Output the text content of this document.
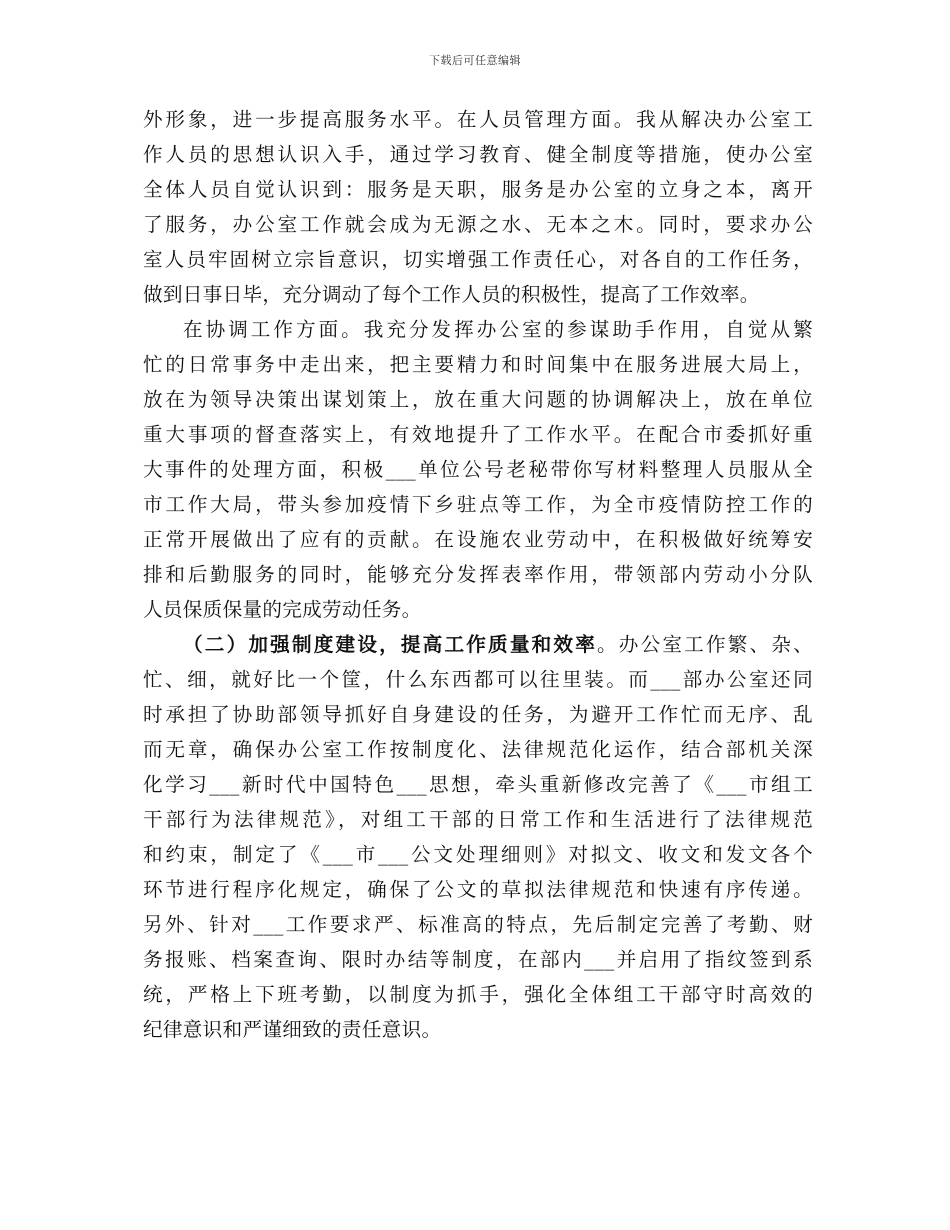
下载后可任意编辑
外形象，进一步提高服务水平。在人员管理方面。我从解决办公室工
作人员的思想认识入手，通过学习教育、健全制度等措施，使办公室
全体人员自觉认识到：服务是天职，服务是办公室的立身之本，离开
了服务，办公室工作就会成为无源之水、无本之木。同时，要求办公
室人员牢固树立宗旨意识，切实增强工作责任心，对各自的工作任务，
做到日事日毕，充分调动了每个工作人员的积极性，提高了工作效率。
在协调工作方面。我充分发挥办公室的参谋助手作用，自觉从繁
忙的日常事务中走出来，把主要精力和时间集中在服务进展大局上，
放在为领导决策出谋划策上，放在重大问题的协调解决上，放在单位
重大事项的督查落实上，有效地提升了工作水平。在配合市委抓好重
大事件的处理方面，积极___单位公号老秘带你写材料整理人员服从全
市工作大局，带头参加疫情下乡驻点等工作，为全市疫情防控工作的
正常开展做出了应有的贡献。在设施农业劳动中，在积极做好统筹安
排和后勤服务的同时，能够充分发挥表率作用，带领部内劳动小分队
人员保质保量的完成劳动任务。
（二）加强制度建设，提高工作质量和效率。办公室工作繁、杂、
忙、细，就好比一个筐，什么东西都可以往里装。而___部办公室还同
时承担了协助部领导抓好自身建设的任务，为避开工作忙而无序、乱
而无章，确保办公室工作按制度化、法律规范化运作，结合部机关深
化学习___新时代中国特色___思想，牵头重新修改完善了《___市组工
干部行为法律规范》，对组工干部的日常工作和生活进行了法律规范
和约束，制定了《___市___公文处理细则》对拟文、收文和发文各个
环节进行程序化规定，确保了公文的草拟法律规范和快速有序传递。
另外、针对___工作要求严、标准高的特点，先后制定完善了考勤、财
务报账、档案查询、限时办结等制度，在部内___并启用了指纹签到系
统，严格上下班考勤，以制度为抓手，强化全体组工干部守时高效的
纪律意识和严谨细致的责任意识。
